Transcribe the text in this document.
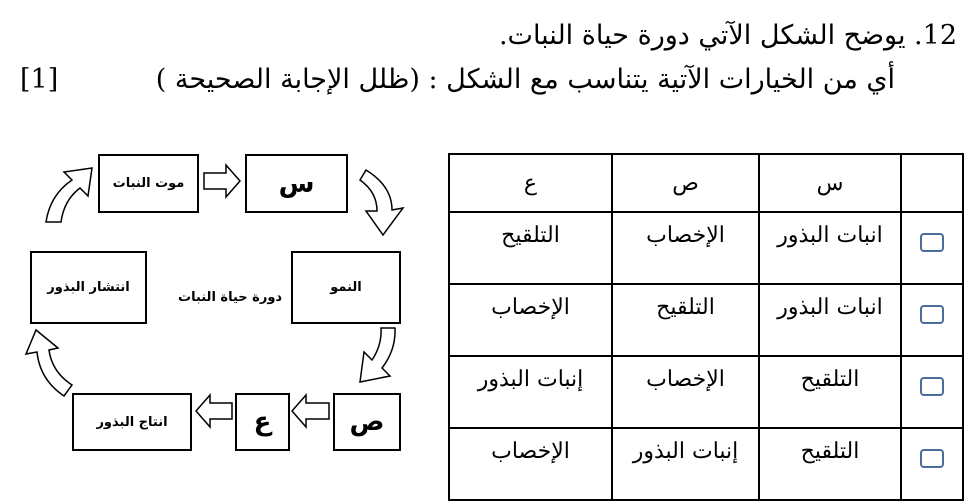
12. يوضح الشكل الآتي دورة حياة النبات.
أي من الخيارات الآتية يتناسب مع الشكل : (ظلل الإجابة الصحيحة )
[1]
موت النبات	س
النمو
انتشار البذور
انتاج البذور	ع	ص
دورة حياة النبات
	س	ص	ع
	انبات البذور	الإخصاب	التلقيح
	انبات البذور	التلقيح	الإخصاب
	التلقيح	الإخصاب	إنبات البذور
	التلقيح	إنبات البذور	الإخصاب
